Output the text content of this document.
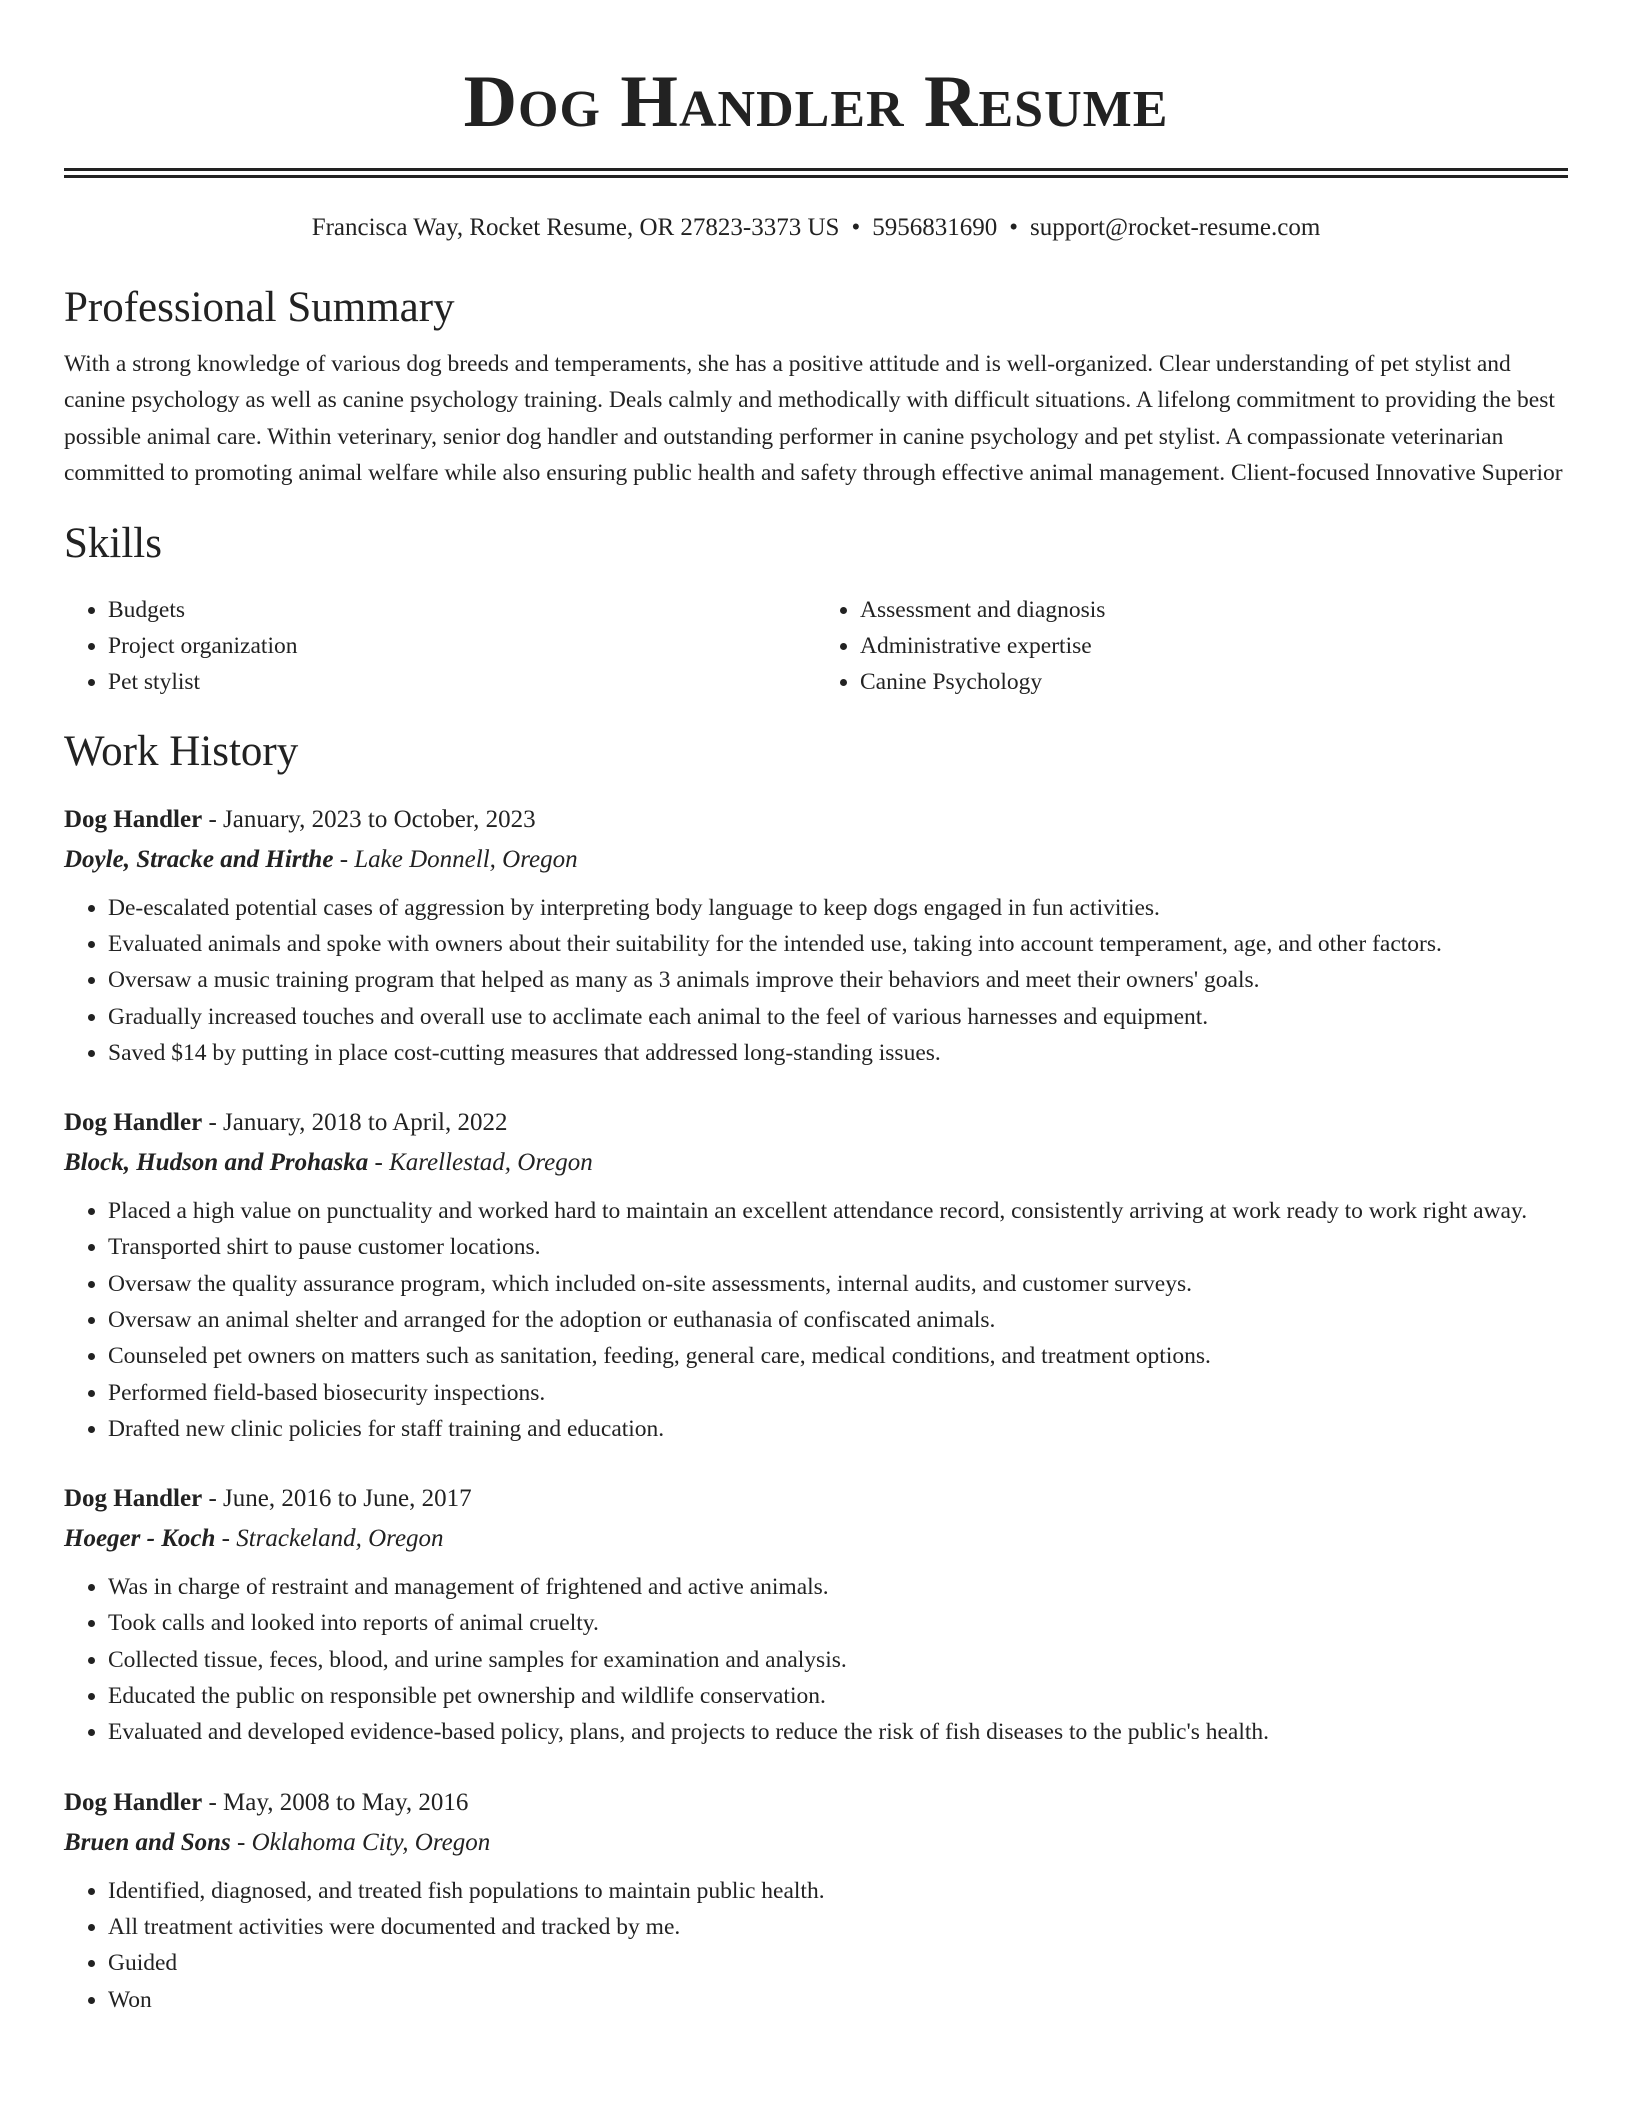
Dog Handler Resume
Francisca Way, Rocket Resume, OR 27823-3373 US • 5956831690 • support@rocket-resume.com
Professional Summary

With a strong knowledge of various dog breeds and temperaments, she has a positive attitude and is well-organized. Clear understanding of pet stylist and canine psychology as well as canine psychology training. Deals calmly and methodically with difficult situations. A lifelong commitment to providing the best possible animal care. Within veterinary, senior dog handler and outstanding performer in canine psychology and pet stylist. A compassionate veterinarian committed to promoting animal welfare while also ensuring public health and safety through effective animal management. Client-focused Innovative Superior

Skills
• Budgets
• Project organization
• Pet stylist
• Assessment and diagnosis
• Administrative expertise
• Canine Psychology
Work History
Dog Handler - January, 2023 to October, 2023
Doyle, Stracke and Hirthe - Lake Donnell, Oregon
• De-escalated potential cases of aggression by interpreting body language to keep dogs engaged in fun activities.
• Evaluated animals and spoke with owners about their suitability for the intended use, taking into account temperament, age, and other factors.
• Oversaw a music training program that helped as many as 3 animals improve their behaviors and meet their owners' goals.
• Gradually increased touches and overall use to acclimate each animal to the feel of various harnesses and equipment.
• Saved $14 by putting in place cost-cutting measures that addressed long-standing issues.
Dog Handler - January, 2018 to April, 2022
Block, Hudson and Prohaska - Karellestad, Oregon
• Placed a high value on punctuality and worked hard to maintain an excellent attendance record, consistently arriving at work ready to work right away.
• Transported shirt to pause customer locations.
• Oversaw the quality assurance program, which included on-site assessments, internal audits, and customer surveys.
• Oversaw an animal shelter and arranged for the adoption or euthanasia of confiscated animals.
• Counseled pet owners on matters such as sanitation, feeding, general care, medical conditions, and treatment options.
• Performed field-based biosecurity inspections.
• Drafted new clinic policies for staff training and education.
Dog Handler - June, 2016 to June, 2017
Hoeger - Koch - Strackeland, Oregon
• Was in charge of restraint and management of frightened and active animals.
• Took calls and looked into reports of animal cruelty.
• Collected tissue, feces, blood, and urine samples for examination and analysis.
• Educated the public on responsible pet ownership and wildlife conservation.
• Evaluated and developed evidence-based policy, plans, and projects to reduce the risk of fish diseases to the public's health.
Dog Handler - May, 2008 to May, 2016
Bruen and Sons - Oklahoma City, Oregon
• Identified, diagnosed, and treated fish populations to maintain public health.
• All treatment activities were documented and tracked by me.
• Guided
• Won
